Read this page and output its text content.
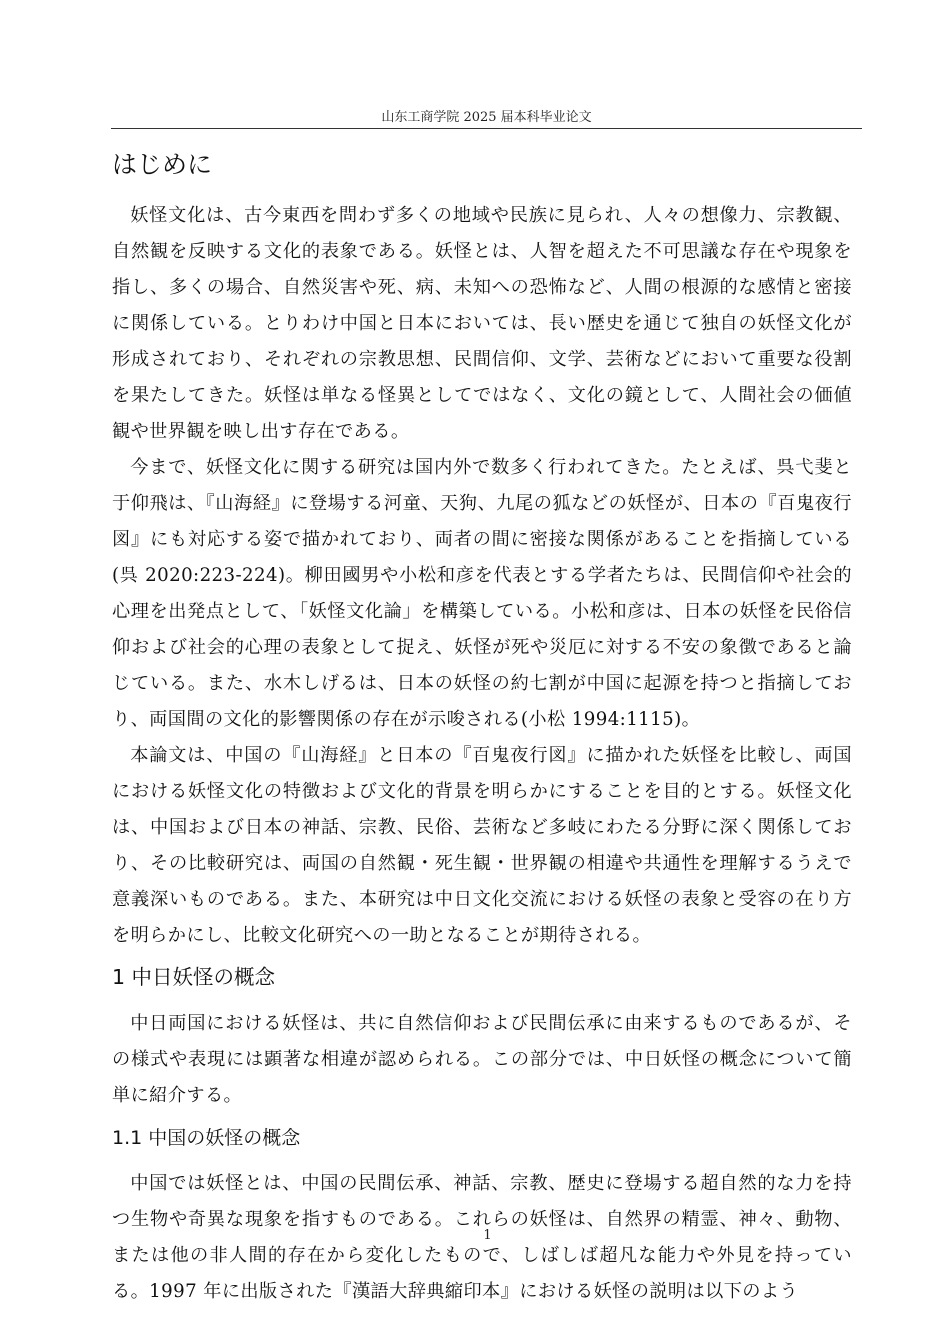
山东工商学院 2025 届本科毕业论文
はじめに

妖怪文化は、古今東西を問わず多くの地域や民族に見られ、人々の想像力、宗教観、自然観を反映する文化的表象である。妖怪とは、人智を超えた不可思議な存在や現象を指し、多くの場合、自然災害や死、病、未知への恐怖など、人間の根源的な感情と密接に関係している。とりわけ中国と日本においては、長い歴史を通じて独自の妖怪文化が形成されており、それぞれの宗教思想、民間信仰、文学、芸術などにおいて重要な役割を果たしてきた。妖怪は単なる怪異としてではなく、文化の鏡として、人間社会の価値観や世界観を映し出す存在である。

今まで、妖怪文化に関する研究は国内外で数多く行われてきた。たとえば、呉弋斐と于仰飛は、『山海経』に登場する河童、天狗、九尾の狐などの妖怪が、日本の『百鬼夜行図』にも対応する姿で描かれており、両者の間に密接な関係があることを指摘している(呉 2020:223-224)。柳田國男や小松和彦を代表とする学者たちは、民間信仰や社会的心理を出発点として、「妖怪文化論」を構築している。小松和彦は、日本の妖怪を民俗信仰および社会的心理の表象として捉え、妖怪が死や災厄に対する不安の象徴であると論じている。また、水木しげるは、日本の妖怪の約七割が中国に起源を持つと指摘しており、両国間の文化的影響関係の存在が示唆される(小松 1994:1115)。

本論文は、中国の『山海経』と日本の『百鬼夜行図』に描かれた妖怪を比較し、両国における妖怪文化の特徴および文化的背景を明らかにすることを目的とする。妖怪文化は、中国および日本の神話、宗教、民俗、芸術など多岐にわたる分野に深く関係しており、その比較研究は、両国の自然観・死生観・世界観の相違や共通性を理解するうえで意義深いものである。また、本研究は中日文化交流における妖怪の表象と受容の在り方を明らかにし、比較文化研究への一助となることが期待される。

1 中日妖怪の概念

中日両国における妖怪は、共に自然信仰および民間伝承に由来するものであるが、その様式や表現には顕著な相違が認められる。この部分では、中日妖怪の概念について簡単に紹介する。

1.1 中国の妖怪の概念

中国では妖怪とは、中国の民間伝承、神話、宗教、歴史に登場する超自然的な力を持つ生物や奇異な現象を指すものである。これらの妖怪は、自然界の精霊、神々、動物、または他の非人間的存在から変化したもので、しばしば超凡な能力や外見を持っている。1997 年に出版された『漢語大辞典縮印本』における妖怪の説明は以下のよう

1
